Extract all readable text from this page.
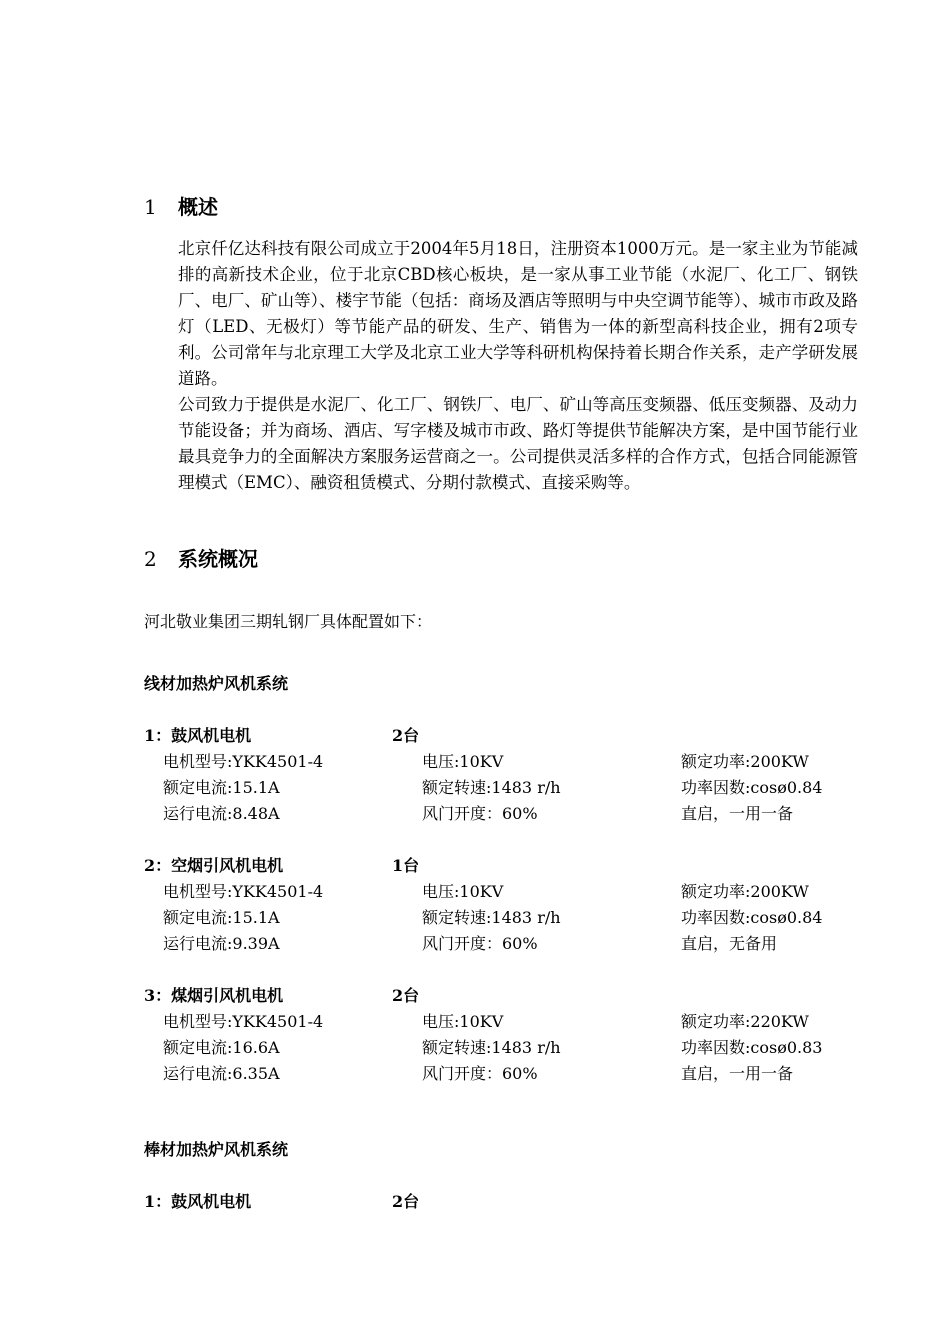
1 概述
北京仟亿达科技有限公司成立于2004年5月18日，注册资本1000万元。是一家主业为节能减排的高新技术企业，位于北京CBD核心板块，是一家从事工业节能（水泥厂、化工厂、钢铁厂、电厂、矿山等）、楼宇节能（包括：商场及酒店等照明与中央空调节能等）、城市市政及路灯（LED、无极灯）等节能产品的研发、生产、销售为一体的新型高科技企业，拥有2项专利。公司常年与北京理工大学及北京工业大学等科研机构保持着长期合作关系，走产学研发展道路。
公司致力于提供是水泥厂、化工厂、钢铁厂、电厂、矿山等高压变频器、低压变频器、及动力节能设备；并为商场、酒店、写字楼及城市市政、路灯等提供节能解决方案，是中国节能行业最具竞争力的全面解决方案服务运营商之一。公司提供灵活多样的合作方式，包括合同能源管理模式（EMC）、融资租赁模式、分期付款模式、直接采购等。
2 系统概况
河北敬业集团三期轧钢厂具体配置如下：
线材加热炉风机系统
1：鼓风机电机	2台
电机型号:YKK4501-4	电压:10KV	额定功率:200KW
额定电流:15.1A	额定转速:1483 r/h	功率因数:cosø0.84
运行电流:8.48A	风门开度：60%	直启，一用一备
2：空烟引风机电机	1台
电机型号:YKK4501-4	电压:10KV	额定功率:200KW
额定电流:15.1A	额定转速:1483 r/h	功率因数:cosø0.84
运行电流:9.39A	风门开度：60%	直启，无备用
3：煤烟引风机电机	2台
电机型号:YKK4501-4	电压:10KV	额定功率:220KW
额定电流:16.6A	额定转速:1483 r/h	功率因数:cosø0.83
运行电流:6.35A	风门开度：60%	直启，一用一备
棒材加热炉风机系统
1：鼓风机电机	2台
